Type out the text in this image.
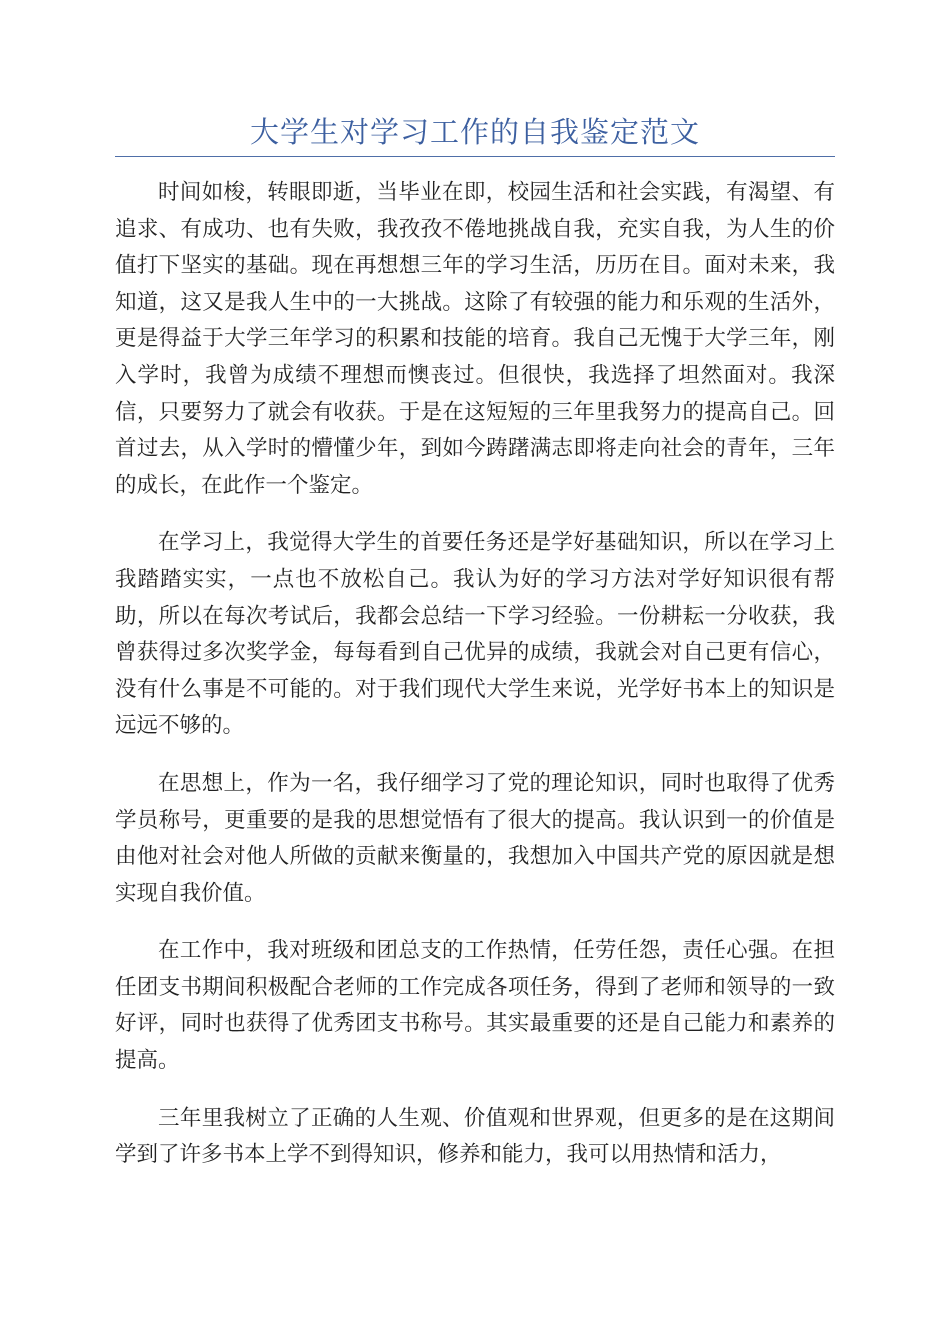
大学生对学习工作的自我鉴定范文

时间如梭，转眼即逝，当毕业在即，校园生活和社会实践，有渴望、有追求、有成功、也有失败，我孜孜不倦地挑战自我，充实自我，为人生的价值打下坚实的基础。现在再想想三年的学习生活，历历在目。面对未来，我知道，这又是我人生中的一大挑战。这除了有较强的能力和乐观的生活外，更是得益于大学三年学习的积累和技能的培育。我自己无愧于大学三年，刚入学时，我曾为成绩不理想而懊丧过。但很快，我选择了坦然面对。我深信，只要努力了就会有收获。于是在这短短的三年里我努力的提高自己。回首过去，从入学时的懵懂少年，到如今踌躇满志即将走向社会的青年，三年的成长，在此作一个鉴定。

在学习上，我觉得大学生的首要任务还是学好基础知识，所以在学习上我踏踏实实，一点也不放松自己。我认为好的学习方法对学好知识很有帮助，所以在每次考试后，我都会总结一下学习经验。一份耕耘一分收获，我曾获得过多次奖学金，每每看到自己优异的成绩，我就会对自己更有信心，没有什么事是不可能的。对于我们现代大学生来说，光学好书本上的知识是远远不够的。

在思想上，作为一名，我仔细学习了党的理论知识，同时也取得了优秀学员称号，更重要的是我的思想觉悟有了很大的提高。我认识到一的价值是由他对社会对他人所做的贡献来衡量的，我想加入中国共产党的原因就是想实现自我价值。

在工作中，我对班级和团总支的工作热情，任劳任怨，责任心强。在担任团支书期间积极配合老师的工作完成各项任务，得到了老师和领导的一致好评，同时也获得了优秀团支书称号。其实最重要的还是自己能力和素养的提高。

三年里我树立了正确的人生观、价值观和世界观，但更多的是在这期间学到了许多书本上学不到得知识，修养和能力，我可以用热情和活力，
